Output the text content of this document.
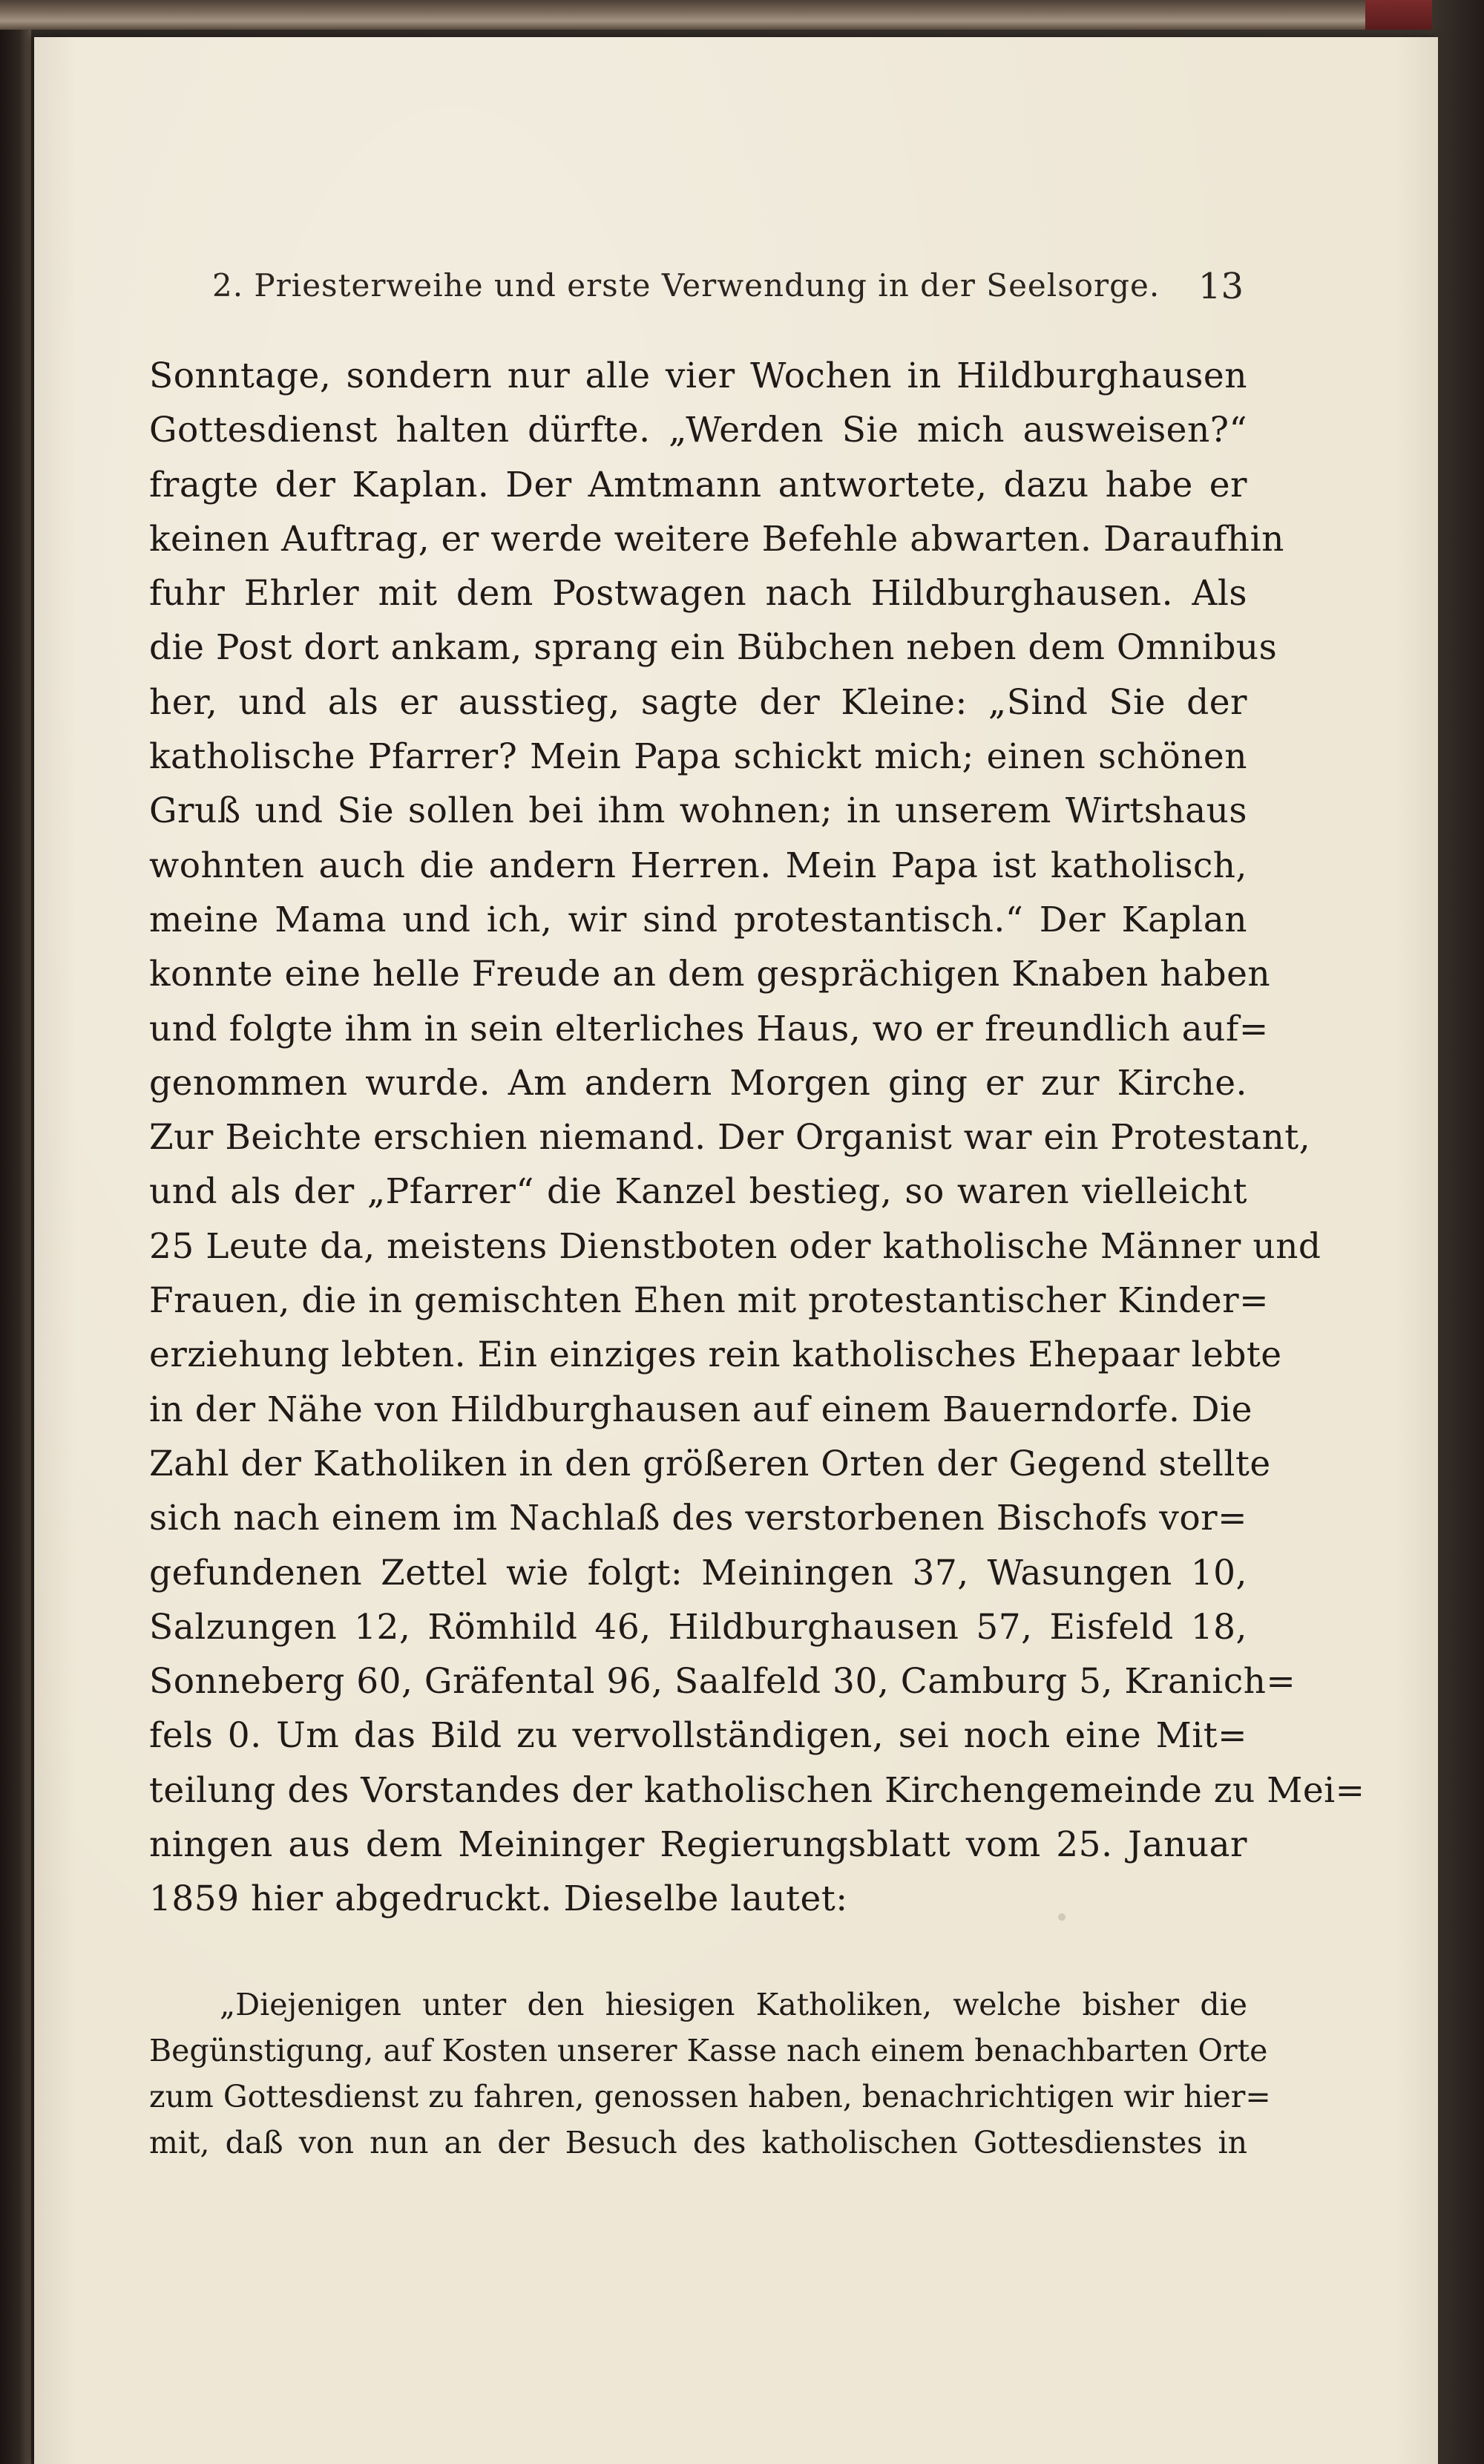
2. Priesterweihe und erste Verwendung in der Seelsorge. 13
Sonntage, sondern nur alle vier Wochen in Hildburghausen
Gottesdienst halten dürfte. „Werden Sie mich ausweisen?“
fragte der Kaplan. Der Amtmann antwortete, dazu habe er
keinen Auftrag, er werde weitere Befehle abwarten. Daraufhin
fuhr Ehrler mit dem Postwagen nach Hildburghausen. Als
die Post dort ankam, sprang ein Bübchen neben dem Omnibus
her, und als er ausstieg, sagte der Kleine: „Sind Sie der
katholische Pfarrer? Mein Papa schickt mich; einen schönen
Gruß und Sie sollen bei ihm wohnen; in unserem Wirtshaus
wohnten auch die andern Herren. Mein Papa ist katholisch,
meine Mama und ich, wir sind protestantisch.“ Der Kaplan
konnte eine helle Freude an dem gesprächigen Knaben haben
und folgte ihm in sein elterliches Haus, wo er freundlich auf=
genommen wurde. Am andern Morgen ging er zur Kirche.
Zur Beichte erschien niemand. Der Organist war ein Protestant,
und als der „Pfarrer“ die Kanzel bestieg, so waren vielleicht
25 Leute da, meistens Dienstboten oder katholische Männer und
Frauen, die in gemischten Ehen mit protestantischer Kinder=
erziehung lebten. Ein einziges rein katholisches Ehepaar lebte
in der Nähe von Hildburghausen auf einem Bauerndorfe. Die
Zahl der Katholiken in den größeren Orten der Gegend stellte
sich nach einem im Nachlaß des verstorbenen Bischofs vor=
gefundenen Zettel wie folgt: Meiningen 37, Wasungen 10,
Salzungen 12, Römhild 46, Hildburghausen 57, Eisfeld 18,
Sonneberg 60, Gräfental 96, Saalfeld 30, Camburg 5, Kranich=
fels 0. Um das Bild zu vervollständigen, sei noch eine Mit=
teilung des Vorstandes der katholischen Kirchengemeinde zu Mei=
ningen aus dem Meininger Regierungsblatt vom 25. Januar
1859 hier abgedruckt. Dieselbe lautet:
„Diejenigen unter den hiesigen Katholiken, welche bisher die
Begünstigung, auf Kosten unserer Kasse nach einem benachbarten Orte
zum Gottesdienst zu fahren, genossen haben, benachrichtigen wir hier=
mit, daß von nun an der Besuch des katholischen Gottesdienstes in
